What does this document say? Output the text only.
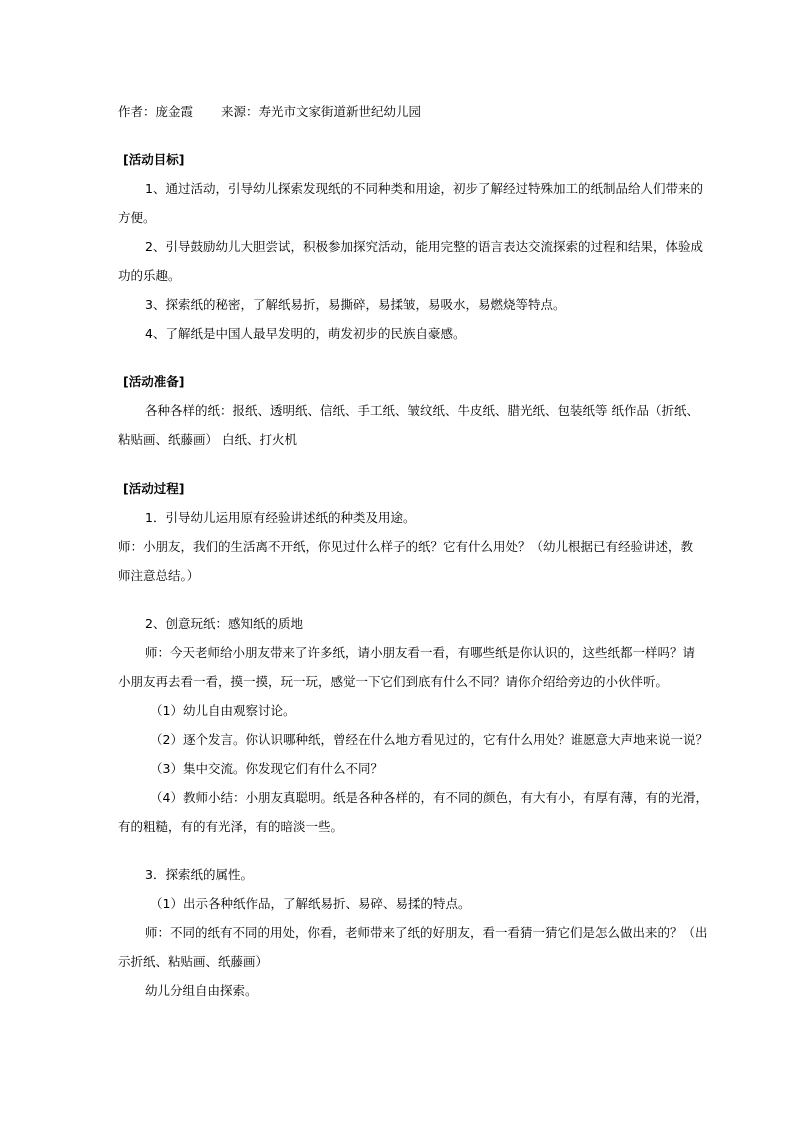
作者：庞金霞 来源：寿光市文家街道新世纪幼儿园
[活动目标]
1、通过活动，引导幼儿探索发现纸的不同种类和用途，初步了解经过特殊加工的纸制品给人们带来的
方便。
2、引导鼓励幼儿大胆尝试，积极参加探究活动，能用完整的语言表达交流探索的过程和结果，体验成
功的乐趣。
3、探索纸的秘密，了解纸易折，易撕碎，易揉皱，易吸水，易燃烧等特点。
4、了解纸是中国人最早发明的，萌发初步的民族自豪感。
[活动准备]
各种各样的纸：报纸、透明纸、信纸、手工纸、皱纹纸、牛皮纸、腊光纸、包装纸等 纸作品（折纸、
粘贴画、纸藤画） 白纸、打火机
[活动过程]
1．引导幼儿运用原有经验讲述纸的种类及用途。
师：小朋友，我们的生活离不开纸，你见过什么样子的纸？它有什么用处？（幼儿根据已有经验讲述，教
师注意总结。）
2、创意玩纸：感知纸的质地
师：今天老师给小朋友带来了许多纸，请小朋友看一看，有哪些纸是你认识的，这些纸都一样吗？请
小朋友再去看一看，摸一摸，玩一玩，感觉一下它们到底有什么不同？请你介绍给旁边的小伙伴听。
（1）幼儿自由观察讨论。
（2）逐个发言。你认识哪种纸，曾经在什么地方看见过的，它有什么用处？谁愿意大声地来说一说？
（3）集中交流。你发现它们有什么不同？
（4）教师小结：小朋友真聪明。纸是各种各样的，有不同的颜色，有大有小，有厚有薄，有的光滑，
有的粗糙，有的有光泽，有的暗淡一些。
3．探索纸的属性。
（1）出示各种纸作品，了解纸易折、易碎、易揉的特点。
师：不同的纸有不同的用处，你看，老师带来了纸的好朋友，看一看猜一猜它们是怎么做出来的？（出
示折纸、粘贴画、纸藤画）
幼儿分组自由探索。
